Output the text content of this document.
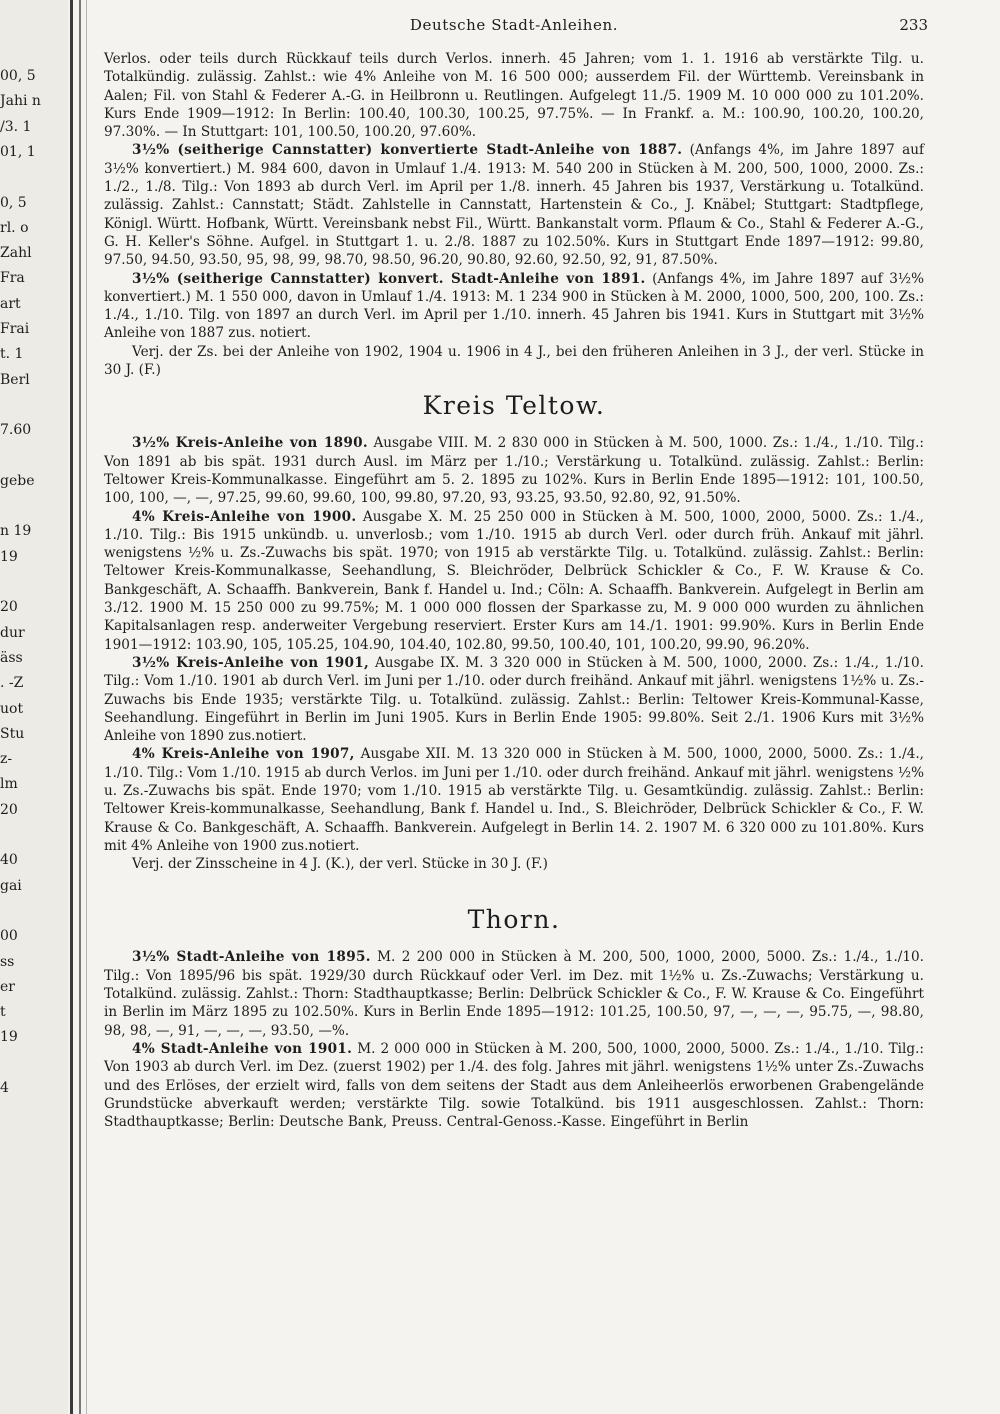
00, 5
Jahi n
/3. 1
01, 1
0, 5
rl. o
Zahl
Fra
art
Frai
t. 1
Berl
7.60
gebe
n 19
19
20
dur
äss
. -Z
uot
Stu
z-
lm
20
40
gai
00
ss
er
t
19
4
Deutsche Stadt-Anleihen.	233

Verlos. oder teils durch Rückkauf teils durch Verlos. innerh. 45 Jahren; vom 1. 1. 1916 ab verstärkte Tilg. u. Totalkündig. zulässig. Zahlst.: wie 4% Anleihe von M. 16 500 000; ausserdem Fil. der Württemb. Vereinsbank in Aalen; Fil. von Stahl & Federer A.-G. in Heilbronn u. Reutlingen. Aufgelegt 11./5. 1909 M. 10 000 000 zu 101.20%. Kurs Ende 1909—1912: In Berlin: 100.40, 100.30, 100.25, 97.75%. — In Frankf. a. M.: 100.90, 100.20, 100.20, 97.30%. — In Stuttgart: 101, 100.50, 100.20, 97.60%.

3½% (seitherige Cannstatter) konvertierte Stadt-Anleihe von 1887. (Anfangs 4%, im Jahre 1897 auf 3½% konvertiert.) M. 984 600, davon in Umlauf 1./4. 1913: M. 540 200 in Stücken à M. 200, 500, 1000, 2000. Zs.: 1./2., 1./8. Tilg.: Von 1893 ab durch Verl. im April per 1./8. innerh. 45 Jahren bis 1937, Verstärkung u. Totalkünd. zulässig. Zahlst.: Cannstatt; Städt. Zahlstelle in Cannstatt, Hartenstein & Co., J. Knäbel; Stuttgart: Stadtpflege, Königl. Württ. Hofbank, Württ. Vereinsbank nebst Fil., Württ. Bankanstalt vorm. Pflaum & Co., Stahl & Federer A.-G., G. H. Keller's Söhne. Aufgel. in Stuttgart 1. u. 2./8. 1887 zu 102.50%. Kurs in Stuttgart Ende 1897—1912: 99.80, 97.50, 94.50, 93.50, 95, 98, 99, 98.70, 98.50, 96.20, 90.80, 92.60, 92.50, 92, 91, 87.50%.

3½% (seitherige Cannstatter) konvert. Stadt-Anleihe von 1891. (Anfangs 4%, im Jahre 1897 auf 3½% konvertiert.) M. 1 550 000, davon in Umlauf 1./4. 1913: M. 1 234 900 in Stücken à M. 2000, 1000, 500, 200, 100. Zs.: 1./4., 1./10. Tilg. von 1897 an durch Verl. im April per 1./10. innerh. 45 Jahren bis 1941. Kurs in Stuttgart mit 3½% Anleihe von 1887 zus. notiert.

Verj. der Zs. bei der Anleihe von 1902, 1904 u. 1906 in 4 J., bei den früheren Anleihen in 3 J., der verl. Stücke in 30 J. (F.)

Kreis Teltow.

3½% Kreis-Anleihe von 1890. Ausgabe VIII. M. 2 830 000 in Stücken à M. 500, 1000. Zs.: 1./4., 1./10. Tilg.: Von 1891 ab bis spät. 1931 durch Ausl. im März per 1./10.; Verstärkung u. Totalkünd. zulässig. Zahlst.: Berlin: Teltower Kreis-Kommunalkasse. Eingeführt am 5. 2. 1895 zu 102%. Kurs in Berlin Ende 1895—1912: 101, 100.50, 100, 100, —, —, 97.25, 99.60, 99.60, 100, 99.80, 97.20, 93, 93.25, 93.50, 92.80, 92, 91.50%.

4% Kreis-Anleihe von 1900. Ausgabe X. M. 25 250 000 in Stücken à M. 500, 1000, 2000, 5000. Zs.: 1./4., 1./10. Tilg.: Bis 1915 unkündb. u. unverlosb.; vom 1./10. 1915 ab durch Verl. oder durch früh. Ankauf mit jährl. wenigstens ½% u. Zs.-Zuwachs bis spät. 1970; von 1915 ab verstärkte Tilg. u. Totalkünd. zulässig. Zahlst.: Berlin: Teltower Kreis-Kommunalkasse, Seehandlung, S. Bleichröder, Delbrück Schickler & Co., F. W. Krause & Co. Bankgeschäft, A. Schaaffh. Bankverein, Bank f. Handel u. Ind.; Cöln: A. Schaaffh. Bankverein. Aufgelegt in Berlin am 3./12. 1900 M. 15 250 000 zu 99.75%; M. 1 000 000 flossen der Sparkasse zu, M. 9 000 000 wurden zu ähnlichen Kapitalsanlagen resp. anderweiter Vergebung reserviert. Erster Kurs am 14./1. 1901: 99.90%. Kurs in Berlin Ende 1901—1912: 103.90, 105, 105.25, 104.90, 104.40, 102.80, 99.50, 100.40, 101, 100.20, 99.90, 96.20%.

3½% Kreis-Anleihe von 1901, Ausgabe IX. M. 3 320 000 in Stücken à M. 500, 1000, 2000. Zs.: 1./4., 1./10. Tilg.: Vom 1./10. 1901 ab durch Verl. im Juni per 1./10. oder durch freihänd. Ankauf mit jährl. wenigstens 1½% u. Zs.-Zuwachs bis Ende 1935; verstärkte Tilg. u. Totalkünd. zulässig. Zahlst.: Berlin: Teltower Kreis-Kommunal-Kasse, Seehandlung. Eingeführt in Berlin im Juni 1905. Kurs in Berlin Ende 1905: 99.80%. Seit 2./1. 1906 Kurs mit 3½% Anleihe von 1890 zus.notiert.

4% Kreis-Anleihe von 1907, Ausgabe XII. M. 13 320 000 in Stücken à M. 500, 1000, 2000, 5000. Zs.: 1./4., 1./10. Tilg.: Vom 1./10. 1915 ab durch Verlos. im Juni per 1./10. oder durch freihänd. Ankauf mit jährl. wenigstens ½% u. Zs.-Zuwachs bis spät. Ende 1970; vom 1./10. 1915 ab verstärkte Tilg. u. Gesamtkündig. zulässig. Zahlst.: Berlin: Teltower Kreis-kommunalkasse, Seehandlung, Bank f. Handel u. Ind., S. Bleichröder, Delbrück Schickler & Co., F. W. Krause & Co. Bankgeschäft, A. Schaaffh. Bankverein. Aufgelegt in Berlin 14. 2. 1907 M. 6 320 000 zu 101.80%. Kurs mit 4% Anleihe von 1900 zus.notiert.

Verj. der Zinsscheine in 4 J. (K.), der verl. Stücke in 30 J. (F.)

Thorn.

3½% Stadt-Anleihe von 1895. M. 2 200 000 in Stücken à M. 200, 500, 1000, 2000, 5000. Zs.: 1./4., 1./10. Tilg.: Von 1895/96 bis spät. 1929/30 durch Rückkauf oder Verl. im Dez. mit 1½% u. Zs.-Zuwachs; Verstärkung u. Totalkünd. zulässig. Zahlst.: Thorn: Stadthauptkasse; Berlin: Delbrück Schickler & Co., F. W. Krause & Co. Eingeführt in Berlin im März 1895 zu 102.50%. Kurs in Berlin Ende 1895—1912: 101.25, 100.50, 97, —, —, —, 95.75, —, 98.80, 98, 98, —, 91, —, —, —, 93.50, —%.

4% Stadt-Anleihe von 1901. M. 2 000 000 in Stücken à M. 200, 500, 1000, 2000, 5000. Zs.: 1./4., 1./10. Tilg.: Von 1903 ab durch Verl. im Dez. (zuerst 1902) per 1./4. des folg. Jahres mit jährl. wenigstens 1½% unter Zs.-Zuwachs und des Erlöses, der erzielt wird, falls von dem seitens der Stadt aus dem Anleiheerlös erworbenen Grabengelände Grundstücke abverkauft werden; verstärkte Tilg. sowie Totalkünd. bis 1911 ausgeschlossen. Zahlst.: Thorn: Stadthauptkasse; Berlin: Deutsche Bank, Preuss. Central-Genoss.-Kasse. Eingeführt in Berlin
